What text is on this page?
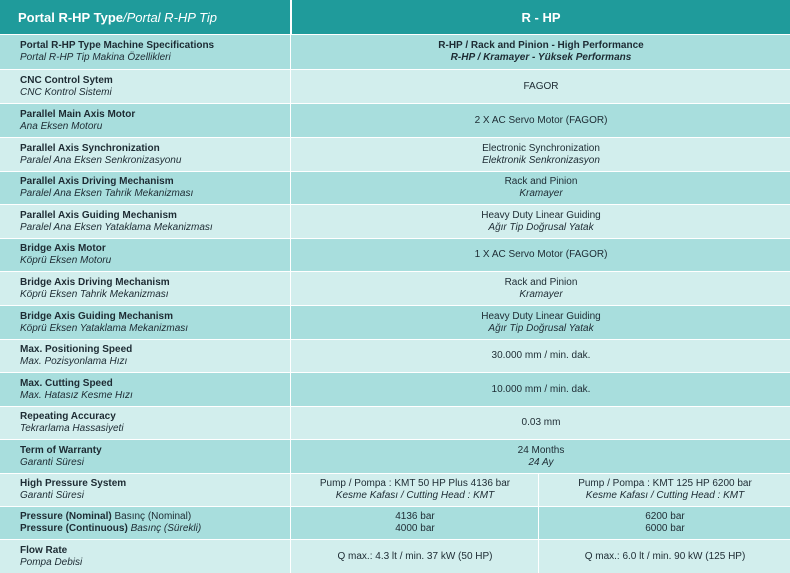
Portal R-HP Type / Portal R-HP Tip	R - HP
Portal R-HP Type Machine Specifications
Portal R-HP Tip Makina Özellikleri
R-HP / Rack and Pinion - High Performance
R-HP / Kramayer - Yüksek Performans
CNC Control Sytem
CNC Kontrol Sistemi
FAGOR
Parallel Main Axis Motor
Ana Eksen Motoru
2 X AC Servo Motor (FAGOR)
Parallel Axis Synchronization
Paralel Ana Eksen Senkronizasyonu
Electronic Synchronization
Elektronik Senkronizasyon
Parallel Axis Driving Mechanism
Paralel Ana Eksen Tahrik Mekanizması
Rack and Pinion
Kramayer
Parallel Axis Guiding Mechanism
Paralel Ana Eksen Yataklama Mekanizması
Heavy Duty Linear Guiding
Ağır Tip Doğrusal Yatak
Bridge Axis Motor
Köprü Eksen Motoru
1 X AC Servo Motor (FAGOR)
Bridge Axis Driving Mechanism
Köprü Eksen Tahrik Mekanizması
Rack and Pinion
Kramayer
Bridge Axis Guiding Mechanism
Köprü Eksen Yataklama Mekanizması
Heavy Duty Linear Guiding
Ağır Tip Doğrusal Yatak
Max. Positioning Speed
Max. Pozisyonlama Hızı
30.000 mm / min. dak.
Max. Cutting Speed
Max. Hatasız Kesme Hızı
10.000 mm / min. dak.
Repeating Accuracy
Tekrarlama Hassasiyeti
0.03 mm
Term of Warranty
Garanti Süresi
24 Months
24 Ay
High Pressure System
Garanti Süresi
Pump / Pompa : KMT 50 HP Plus 4136 bar
Kesme Kafası / Cutting Head : KMT
Pump / Pompa : KMT 125 HP 6200 bar
Kesme Kafası / Cutting Head : KMT
Pressure (Nominal) Basınç (Nominal)
Pressure (Continuous) Basınç (Sürekli)
4136 bar
4000 bar
6200 bar
6000 bar
Flow Rate
Pompa Debisi
Q max.: 4.3 lt / min. 37 kW (50 HP)	Q max.: 6.0 lt / min. 90 kW (125 HP)
